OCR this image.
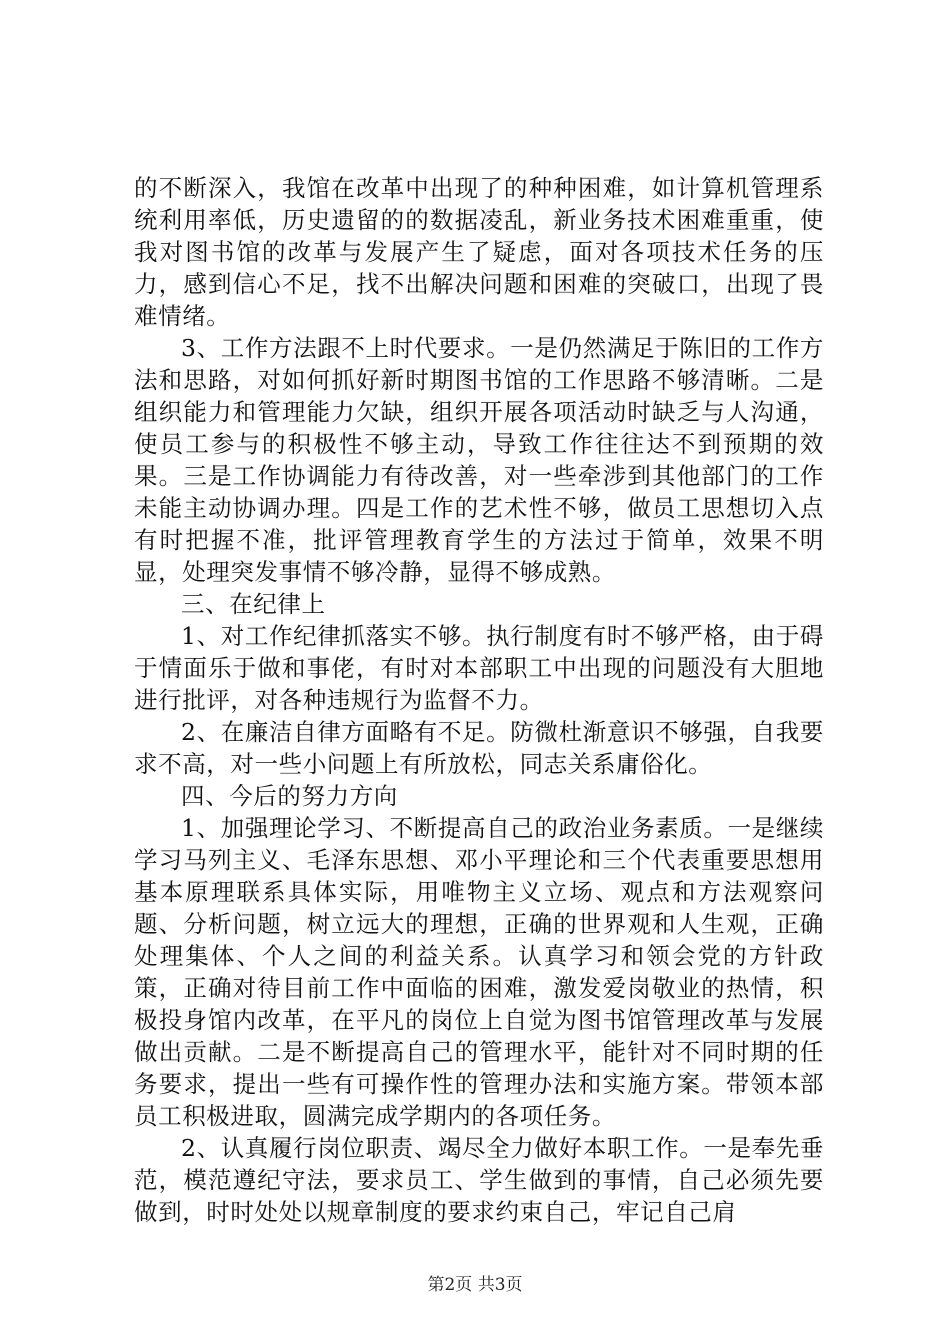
的不断深入，我馆在改革中出现了的种种困难，如计算机管理系统利用率低，历史遗留的的数据凌乱，新业务技术困难重重，使我对图书馆的改革与发展产生了疑虑，面对各项技术任务的压力，感到信心不足，找不出解决问题和困难的突破口，出现了畏难情绪。

3、工作方法跟不上时代要求。一是仍然满足于陈旧的工作方法和思路，对如何抓好新时期图书馆的工作思路不够清晰。二是组织能力和管理能力欠缺，组织开展各项活动时缺乏与人沟通，使员工参与的积极性不够主动，导致工作往往达不到预期的效果。三是工作协调能力有待改善，对一些牵涉到其他部门的工作未能主动协调办理。四是工作的艺术性不够，做员工思想切入点有时把握不准，批评管理教育学生的方法过于简单，效果不明显，处理突发事情不够冷静，显得不够成熟。

三、在纪律上

1、对工作纪律抓落实不够。执行制度有时不够严格，由于碍于情面乐于做和事佬，有时对本部职工中出现的问题没有大胆地进行批评，对各种违规行为监督不力。

2、在廉洁自律方面略有不足。防微杜渐意识不够强，自我要求不高，对一些小问题上有所放松，同志关系庸俗化。

四、今后的努力方向

1、加强理论学习、不断提高自己的政治业务素质。一是继续学习马列主义、毛泽东思想、邓小平理论和三个代表重要思想用基本原理联系具体实际，用唯物主义立场、观点和方法观察问题、分析问题，树立远大的理想，正确的世界观和人生观，正确处理集体、个人之间的利益关系。认真学习和领会党的方针政策，正确对待目前工作中面临的困难，激发爱岗敬业的热情，积极投身馆内改革，在平凡的岗位上自觉为图书馆管理改革与发展做出贡献。二是不断提高自己的管理水平，能针对不同时期的任务要求，提出一些有可操作性的管理办法和实施方案。带领本部员工积极进取，圆满完成学期内的各项任务。

2、认真履行岗位职责、竭尽全力做好本职工作。一是奉先垂范，模范遵纪守法，要求员工、学生做到的事情，自己必须先要做到，时时处处以规章制度的要求约束自己，牢记自己肩

第2页 共3页
